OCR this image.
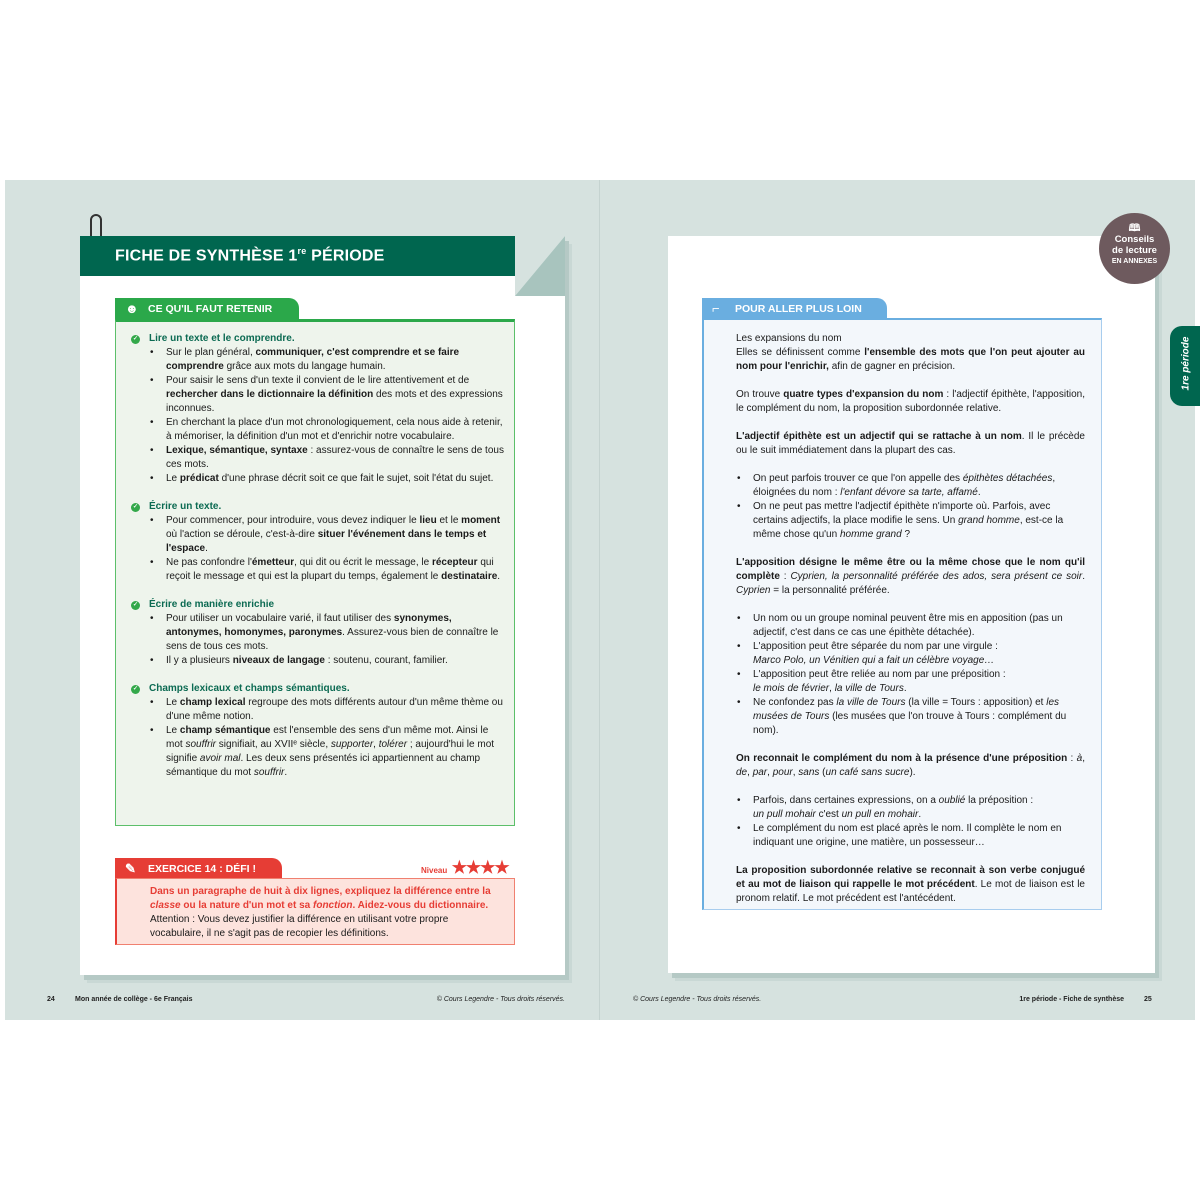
FICHE DE SYNTHÈSE 1re PÉRIODE
☻ CE QU'IL FAUT RETENIR
✓ Lire un texte et le comprendre.
• Sur le plan général, communiquer, c'est comprendre et se faire comprendre grâce aux mots du langage humain.
• Pour saisir le sens d'un texte il convient de le lire attentivement et de rechercher dans le dictionnaire la définition des mots et des expressions inconnues.
• En cherchant la place d'un mot chronologiquement, cela nous aide à retenir, à mémoriser, la définition d'un mot et d'enrichir notre vocabulaire.
• Lexique, sémantique, syntaxe : assurez-vous de connaître le sens de tous ces mots.
• Le prédicat d'une phrase décrit soit ce que fait le sujet, soit l'état du sujet.
✓ Écrire un texte.
• Pour commencer, pour introduire, vous devez indiquer le lieu et le moment où l'action se déroule, c'est-à-dire situer l'événement dans le temps et l'espace.
• Ne pas confondre l'émetteur, qui dit ou écrit le message, le récepteur qui reçoit le message et qui est la plupart du temps, également le destinataire.
✓ Écrire de manière enrichie
• Pour utiliser un vocabulaire varié, il faut utiliser des synonymes, antonymes, homonymes, paronymes. Assurez-vous bien de connaître le sens de tous ces mots.
• Il y a plusieurs niveaux de langage : soutenu, courant, familier.
✓ Champs lexicaux et champs sémantiques.
• Le champ lexical regroupe des mots différents autour d'un même thème ou d'une même notion.
• Le champ sémantique est l'ensemble des sens d'un même mot. Ainsi le mot souffrir signifiait, au XVIIᵉ siècle, supporter, tolérer ; aujourd'hui le mot signifie avoir mal. Les deux sens présentés ici appartiennent au champ sémantique du mot souffrir.
✎ EXERCICE 14 : DÉFI !	Niveau ★★★★
Dans un paragraphe de huit à dix lignes, expliquez la différence entre la classe ou la nature d'un mot et sa fonction. Aidez-vous du dictionnaire.
Attention : Vous devez justifier la différence en utilisant votre propre vocabulaire, il ne s'agit pas de recopier les définitions.
24	Mon année de collège - 6e Français	© Cours Legendre - Tous droits réservés.
🕮
Conseils
de lecture
EN ANNEXES
1re période
⌐ POUR ALLER PLUS LOIN
Les expansions du nom
Elles se définissent comme l'ensemble des mots que l'on peut ajouter au nom pour l'enrichir, afin de gagner en précision.
On trouve quatre types d'expansion du nom : l'adjectif épithète, l'apposition, le complément du nom, la proposition subordonnée relative.
L'adjectif épithète est un adjectif qui se rattache à un nom. Il le précède ou le suit immédiatement dans la plupart des cas.
• On peut parfois trouver ce que l'on appelle des épithètes détachées, éloignées du nom : l'enfant dévore sa tarte, affamé.
• On ne peut pas mettre l'adjectif épithète n'importe où. Parfois, avec certains adjectifs, la place modifie le sens. Un grand homme, est-ce la même chose qu'un homme grand ?
L'apposition désigne le même être ou la même chose que le nom qu'il complète : Cyprien, la personnalité préférée des ados, sera présent ce soir. Cyprien = la personnalité préférée.
• Un nom ou un groupe nominal peuvent être mis en apposition (pas un adjectif, c'est dans ce cas une épithète détachée).
• L'apposition peut être séparée du nom par une virgule :
Marco Polo, un Vénitien qui a fait un célèbre voyage…
• L'apposition peut être reliée au nom par une préposition :
le mois de février, la ville de Tours.
• Ne confondez pas la ville de Tours (la ville = Tours : apposition) et les musées de Tours (les musées que l'on trouve à Tours : complément du nom).
On reconnait le complément du nom à la présence d'une préposition : à, de, par, pour, sans (un café sans sucre).
• Parfois, dans certaines expressions, on a oublié la préposition :
un pull mohair c'est un pull en mohair.
• Le complément du nom est placé après le nom. Il complète le nom en indiquant une origine, une matière, un possesseur…
La proposition subordonnée relative se reconnait à son verbe conjugué et au mot de liaison qui rappelle le mot précédent. Le mot de liaison est le pronom relatif. Le mot précédent est l'antécédent.
© Cours Legendre - Tous droits réservés.	1re période - Fiche de synthèse	25
